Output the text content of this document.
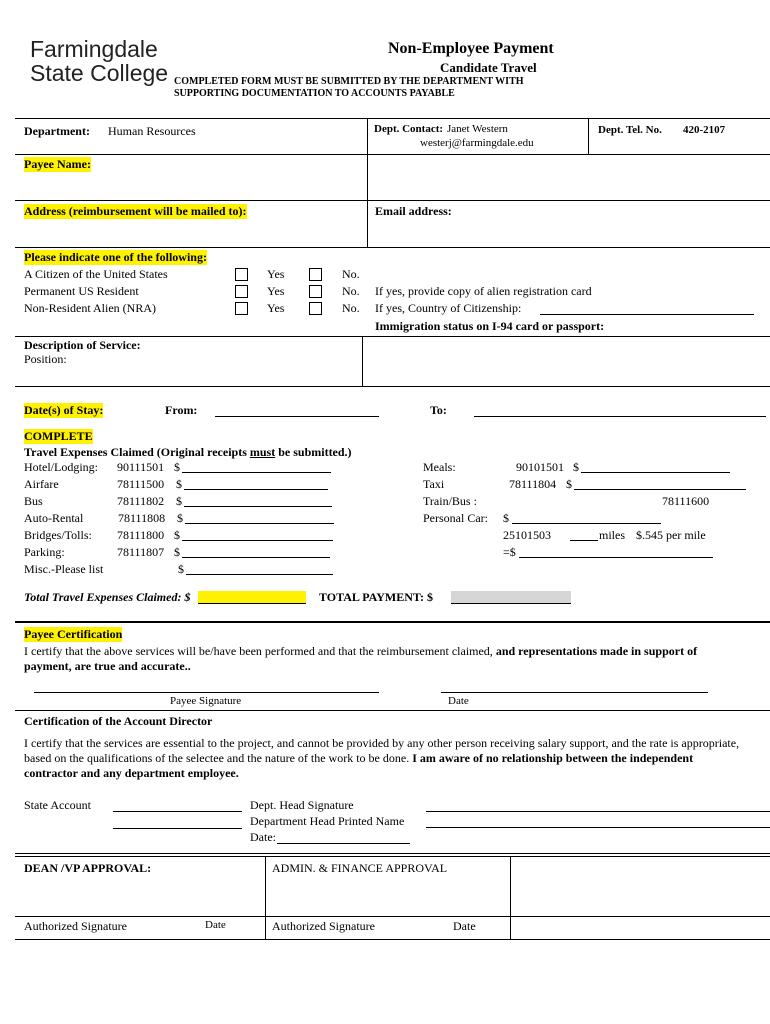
Farmingdale
State College
Non-Employee Payment
Candidate Travel
COMPLETED FORM MUST BE SUBMITTED BY THE DEPARTMENT WITH
SUPPORTING DOCUMENTATION TO ACCOUNTS PAYABLE
Department: Human Resources	Dept. Contact: Janet Western
westerj@farmingdale.edu
Dept. Tel. No. 420-2107
Payee Name:
Address (reimbursement will be mailed to):	Email address:
Please indicate one of the following:
A Citizen of the United States	Yes	No.
Permanent US Resident	Yes	No. If yes, provide copy of alien registration card
Non-Resident Alien (NRA)	Yes	No. If yes, Country of Citizenship:
Immigration status on I-94 card or passport:
Description of Service:
Position:
Date(s) of Stay:	From:	To:
COMPLETE
Travel Expenses Claimed (Original receipts must be submitted.)
Hotel/Lodging: 90111501 $
Airfare	78111500 $
Bus	78111802 $
Auto-Rental	78111808 $
Bridges/Tolls: 78111800 $
Parking:	78111807 $
Misc.-Please list	$
Meals:	90101501 $
Taxi	78111804 $
Train/Bus :	78111600
Personal Car: $
25101503	miles $.545 per mile
=$
Total Travel Expenses Claimed: $	TOTAL PAYMENT: $
Payee Certification
I certify that the above services will be/have been performed and that the reimbursement claimed, and representations made in support of payment, are true and accurate..
Payee Signature	Date
Certification of the Account Director
I certify that the services are essential to the project, and cannot be provided by any other person receiving salary support, and the rate is appropriate, based on the qualifications of the selectee and the nature of the work to be done. I am aware of no relationship between the independent contractor and any department employee.
State Account	Dept. Head Signature
Department Head Printed Name
Date:
DEAN /VP APPROVAL:	ADMIN. & FINANCE APPROVAL
Authorized Signature	Date	Authorized Signature	Date
